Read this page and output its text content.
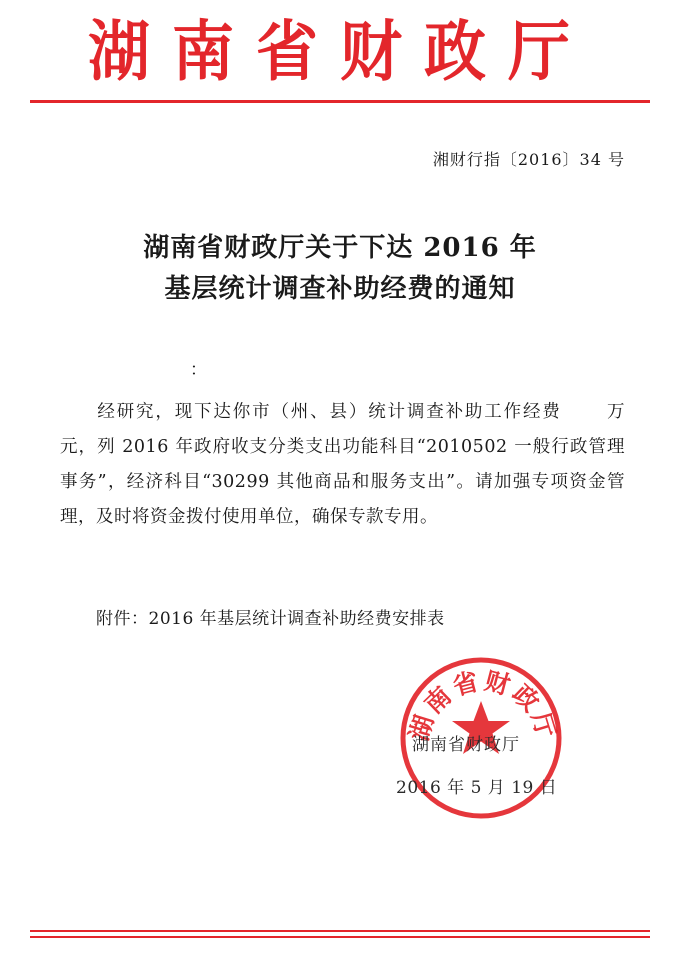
湖南省财政厅
湘财行指〔2016〕34 号
湖南省财政厅关于下达 2016 年
基层统计调查补助经费的通知
：

经研究，现下达你市（州、县）统计调查补助工作经费	万元，列 2016 年政府收支分类支出功能科目“2010502 一般行政管理事务”，经济科目“30299 其他商品和服务支出”。请加强专项资金管理，及时将资金拨付使用单位，确保专款专用。

附件：2016 年基层统计调查补助经费安排表
湖南省财政厅
湖南省财政厅
2016 年 5 月 19 日
